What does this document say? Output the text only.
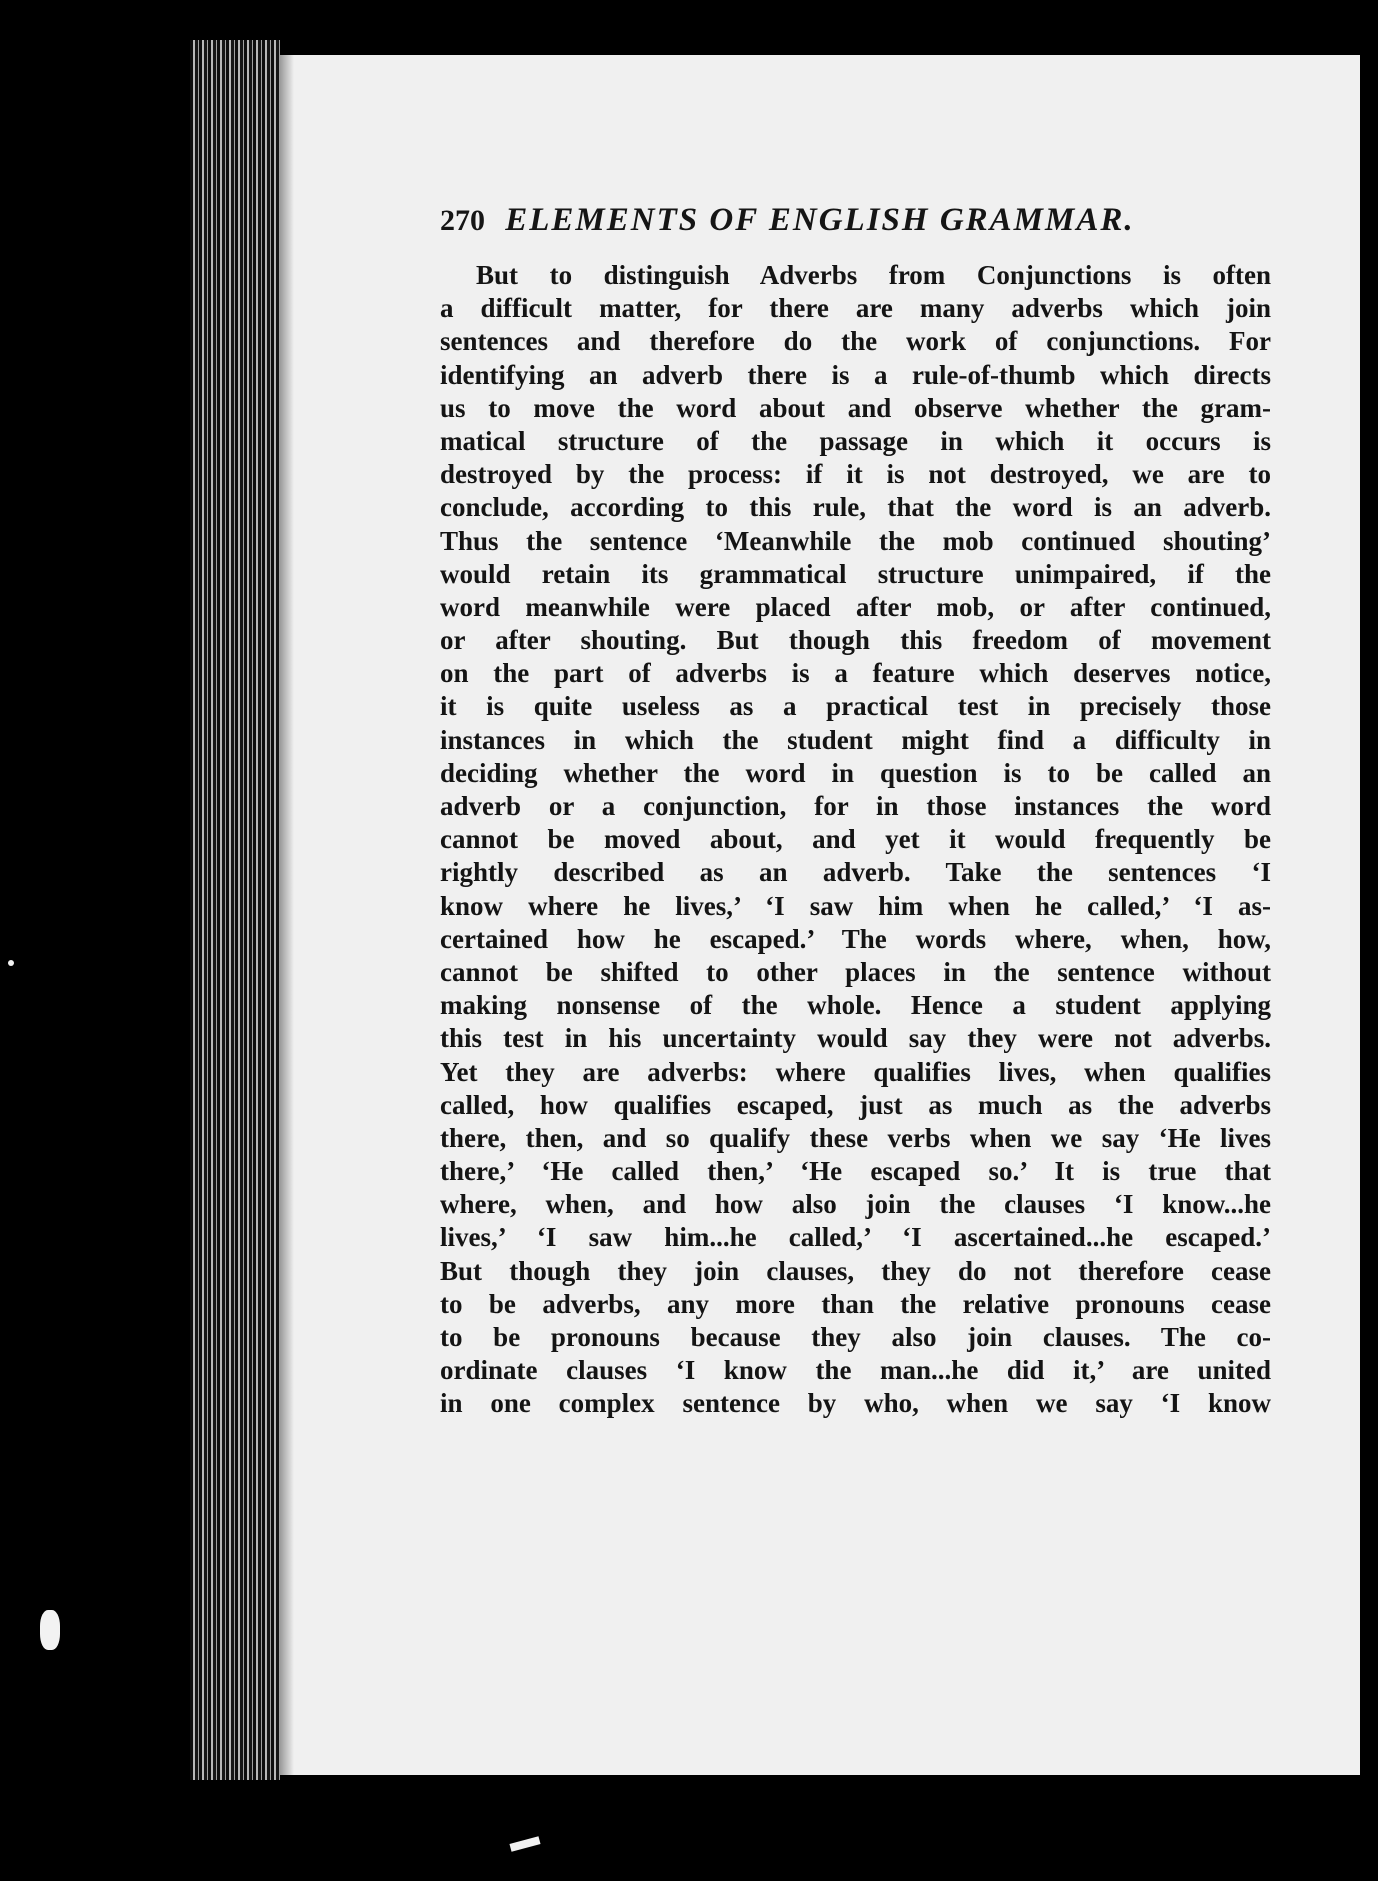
270 ELEMENTS OF ENGLISH GRAMMAR.
But to distinguish Adverbs from Conjunctions is often
a difficult matter, for there are many adverbs which join
sentences and therefore do the work of conjunctions. For
identifying an adverb there is a rule-of-thumb which directs
us to move the word about and observe whether the gram-
matical structure of the passage in which it occurs is
destroyed by the process: if it is not destroyed, we are to
conclude, according to this rule, that the word is an adverb.
Thus the sentence ‘Meanwhile the mob continued shouting’
would retain its grammatical structure unimpaired, if the
word meanwhile were placed after mob, or after continued,
or after shouting. But though this freedom of movement
on the part of adverbs is a feature which deserves notice,
it is quite useless as a practical test in precisely those
instances in which the student might find a difficulty in
deciding whether the word in question is to be called an
adverb or a conjunction, for in those instances the word
cannot be moved about, and yet it would frequently be
rightly described as an adverb. Take the sentences ‘I
know where he lives,’ ‘I saw him when he called,’ ‘I as-
certained how he escaped.’ The words where, when, how,
cannot be shifted to other places in the sentence without
making nonsense of the whole. Hence a student applying
this test in his uncertainty would say they were not adverbs.
Yet they are adverbs: where qualifies lives, when qualifies
called, how qualifies escaped, just as much as the adverbs
there, then, and so qualify these verbs when we say ‘He lives
there,’ ‘He called then,’ ‘He escaped so.’ It is true that
where, when, and how also join the clauses ‘I know...he
lives,’ ‘I saw him...he called,’ ‘I ascertained...he escaped.’
But though they join clauses, they do not therefore cease
to be adverbs, any more than the relative pronouns cease
to be pronouns because they also join clauses. The co-
ordinate clauses ‘I know the man...he did it,’ are united
in one complex sentence by who, when we say ‘I know
